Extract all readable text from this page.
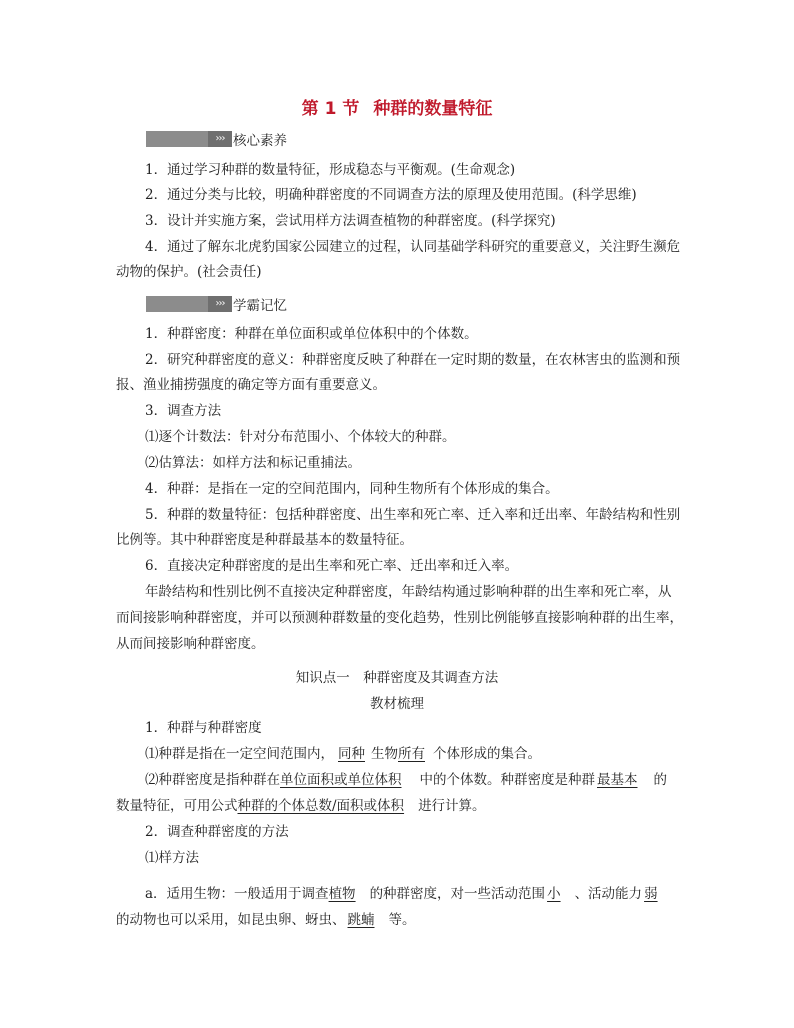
第 1 节 种群的数量特征
››› 核心素养
1．通过学习种群的数量特征，形成稳态与平衡观。(生命观念)
2．通过分类与比较，明确种群密度的不同调查方法的原理及使用范围。(科学思维)
3．设计并实施方案，尝试用样方法调查植物的种群密度。(科学探究)
4．通过了解东北虎豹国家公园建立的过程，认同基础学科研究的重要意义，关注野生濒危
动物的保护。(社会责任)
››› 学霸记忆
1．种群密度：种群在单位面积或单位体积中的个体数。
2．研究种群密度的意义：种群密度反映了种群在一定时期的数量，在农林害虫的监测和预
报、渔业捕捞强度的确定等方面有重要意义。
3．调查方法
⑴逐个计数法：针对分布范围小、个体较大的种群。
⑵估算法：如样方法和标记重捕法。
4．种群：是指在一定的空间范围内，同种生物所有个体形成的集合。
5．种群的数量特征：包括种群密度、出生率和死亡率、迁入率和迁出率、年龄结构和性别
比例等。其中种群密度是种群最基本的数量特征。
6．直接决定种群密度的是出生率和死亡率、迁出率和迁入率。
年龄结构和性别比例不直接决定种群密度，年龄结构通过影响种群的出生率和死亡率，从
而间接影响种群密度，并可以预测种群数量的变化趋势，性别比例能够直接影响种群的出生率，
从而间接影响种群密度。
知识点一　种群密度及其调查方法
教材梳理
1．种群与种群密度
⑴种群是指在一定空间范围内， 同种 生物所有 个体形成的集合。
⑵种群密度是指种群在单位面积或单位体积 中的个体数。种群密度是种群 最基本 的
数量特征，可用公式种群的个体总数/面积或体积 进行计算。
2．调查种群密度的方法
⑴样方法
a．适用生物：一般适用于调查植物 的种群密度，对一些活动范围 小 、活动能力 弱
的动物也可以采用，如昆虫卵、蚜虫、 跳蝻 等。
